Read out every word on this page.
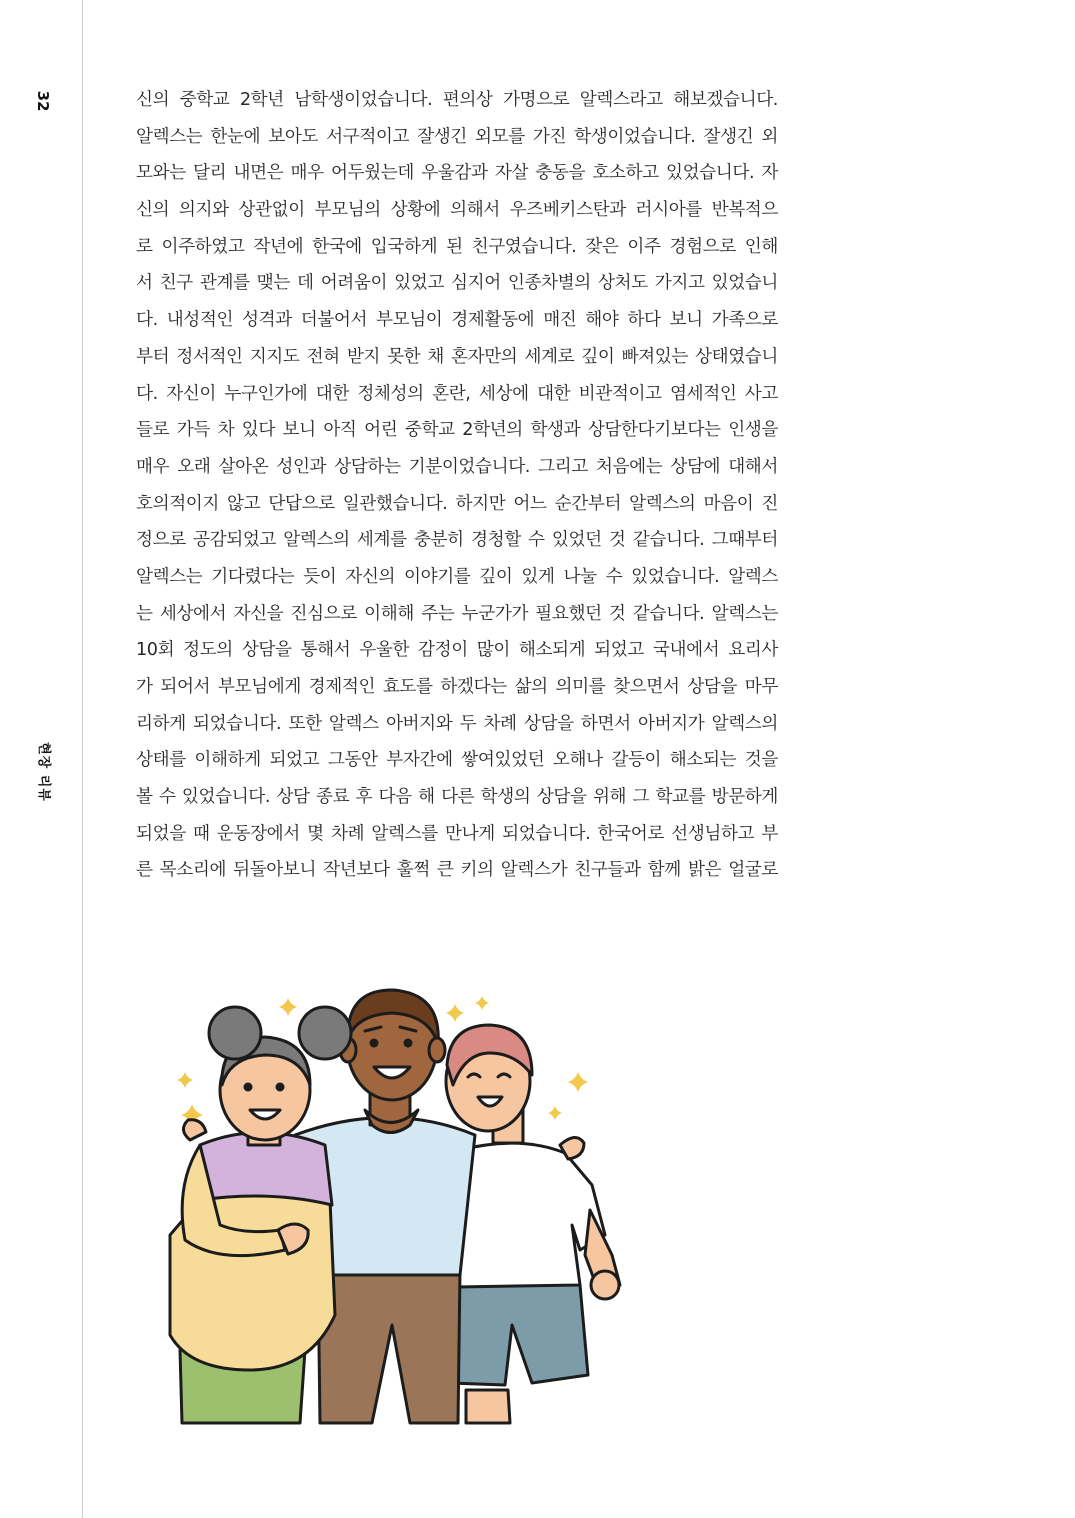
32
현장 리뷰
신의 중학교 2학년 남학생이었습니다. 편의상 가명으로 알렉스라고 해보겠습니다.
알렉스는 한눈에 보아도 서구적이고 잘생긴 외모를 가진 학생이었습니다. 잘생긴 외
모와는 달리 내면은 매우 어두웠는데 우울감과 자살 충동을 호소하고 있었습니다. 자
신의 의지와 상관없이 부모님의 상황에 의해서 우즈베키스탄과 러시아를 반복적으
로 이주하였고 작년에 한국에 입국하게 된 친구였습니다. 잦은 이주 경험으로 인해
서 친구 관계를 맺는 데 어려움이 있었고 심지어 인종차별의 상처도 가지고 있었습니
다. 내성적인 성격과 더불어서 부모님이 경제활동에 매진 해야 하다 보니 가족으로
부터 정서적인 지지도 전혀 받지 못한 채 혼자만의 세계로 깊이 빠져있는 상태였습니
다. 자신이 누구인가에 대한 정체성의 혼란, 세상에 대한 비관적이고 염세적인 사고
들로 가득 차 있다 보니 아직 어린 중학교 2학년의 학생과 상담한다기보다는 인생을
매우 오래 살아온 성인과 상담하는 기분이었습니다. 그리고 처음에는 상담에 대해서
호의적이지 않고 단답으로 일관했습니다. 하지만 어느 순간부터 알렉스의 마음이 진
정으로 공감되었고 알렉스의 세계를 충분히 경청할 수 있었던 것 같습니다. 그때부터
알렉스는 기다렸다는 듯이 자신의 이야기를 깊이 있게 나눌 수 있었습니다. 알렉스
는 세상에서 자신을 진심으로 이해해 주는 누군가가 필요했던 것 같습니다. 알렉스는
10회 정도의 상담을 통해서 우울한 감정이 많이 해소되게 되었고 국내에서 요리사
가 되어서 부모님에게 경제적인 효도를 하겠다는 삶의 의미를 찾으면서 상담을 마무
리하게 되었습니다. 또한 알렉스 아버지와 두 차례 상담을 하면서 아버지가 알렉스의
상태를 이해하게 되었고 그동안 부자간에 쌓여있었던 오해나 갈등이 해소되는 것을
볼 수 있었습니다. 상담 종료 후 다음 해 다른 학생의 상담을 위해 그 학교를 방문하게
되었을 때 운동장에서 몇 차례 알렉스를 만나게 되었습니다. 한국어로 선생님하고 부
른 목소리에 뒤돌아보니 작년보다 훌쩍 큰 키의 알렉스가 친구들과 함께 밝은 얼굴로
